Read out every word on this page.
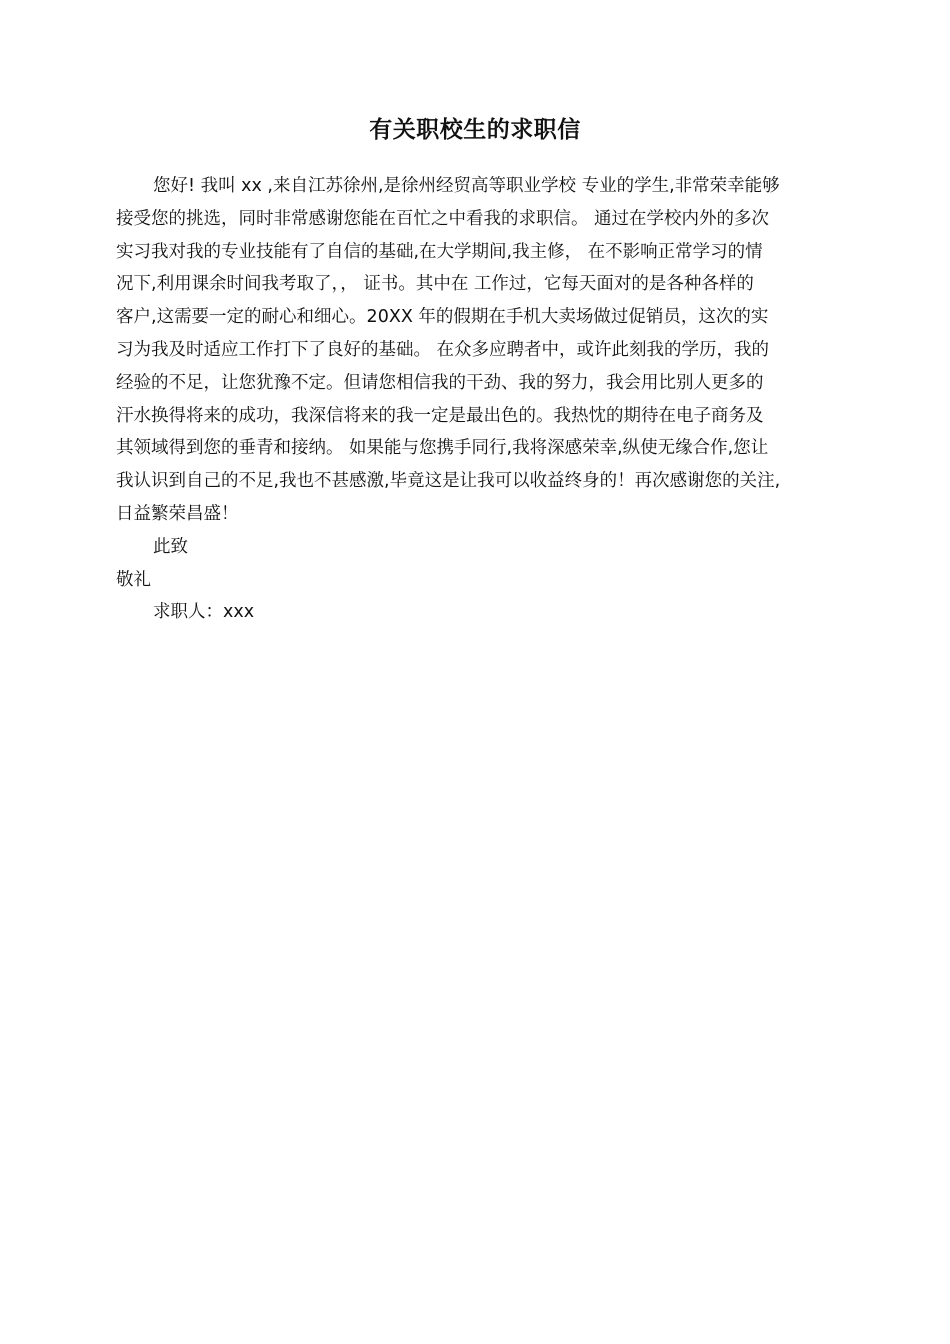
有关职校生的求职信
您好! 我叫 xx ,来自江苏徐州,是徐州经贸高等职业学校 专业的学生,非常荣幸能够
接受您的挑选，同时非常感谢您能在百忙之中看我的求职信。 通过在学校内外的多次
实习我对我的专业技能有了自信的基础,在大学期间,我主修， 在不影响正常学习的情
况下,利用课余时间我考取了，， 证书。其中在 工作过，它每天面对的是各种各样的
客户,这需要一定的耐心和细心。20XX 年的假期在手机大卖场做过促销员，这次的实
习为我及时适应工作打下了良好的基础。 在众多应聘者中，或许此刻我的学历，我的
经验的不足，让您犹豫不定。但请您相信我的干劲、我的努力，我会用比别人更多的
汗水换得将来的成功，我深信将来的我一定是最出色的。我热忱的期待在电子商务及
其领域得到您的垂青和接纳。 如果能与您携手同行,我将深感荣幸,纵使无缘合作,您让
我认识到自己的不足,我也不甚感激,毕竟这是让我可以收益终身的！再次感谢您的关注,
日益繁荣昌盛！
此致
敬礼
求职人：xxx
